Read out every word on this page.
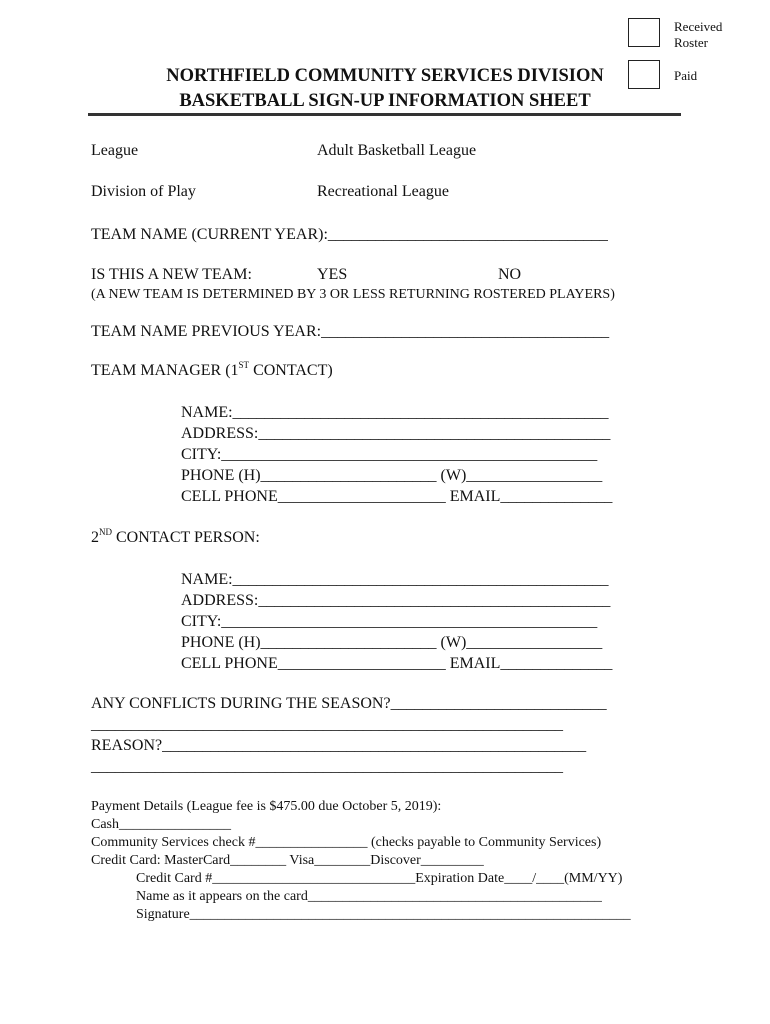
Received
Roster
Paid
NORTHFIELD COMMUNITY SERVICES DIVISION
BASKETBALL SIGN-UP INFORMATION SHEET
League	Adult Basketball League
Division of Play	Recreational League
TEAM NAME (CURRENT YEAR):___________________________________
IS THIS A NEW TEAM:	YES	NO
(A NEW TEAM IS DETERMINED BY 3 OR LESS RETURNING ROSTERED PLAYERS)
TEAM NAME PREVIOUS YEAR:____________________________________
TEAM MANAGER (1ST CONTACT)
NAME:_______________________________________________
ADDRESS:____________________________________________
CITY:_______________________________________________
PHONE (H)______________________ (W)_________________
CELL PHONE_____________________ EMAIL______________
2ND CONTACT PERSON:
NAME:_______________________________________________
ADDRESS:____________________________________________
CITY:_______________________________________________
PHONE (H)______________________ (W)_________________
CELL PHONE_____________________ EMAIL______________
ANY CONFLICTS DURING THE SEASON?___________________________
___________________________________________________________
REASON?_____________________________________________________
___________________________________________________________
Payment Details (League fee is $475.00 due October 5, 2019):
Cash________________
Community Services check #________________ (checks payable to Community Services)
Credit Card: MasterCard________ Visa________Discover_________
Credit Card #_____________________________Expiration Date____/____(MM/YY)
Name as it appears on the card__________________________________________
Signature_______________________________________________________________
